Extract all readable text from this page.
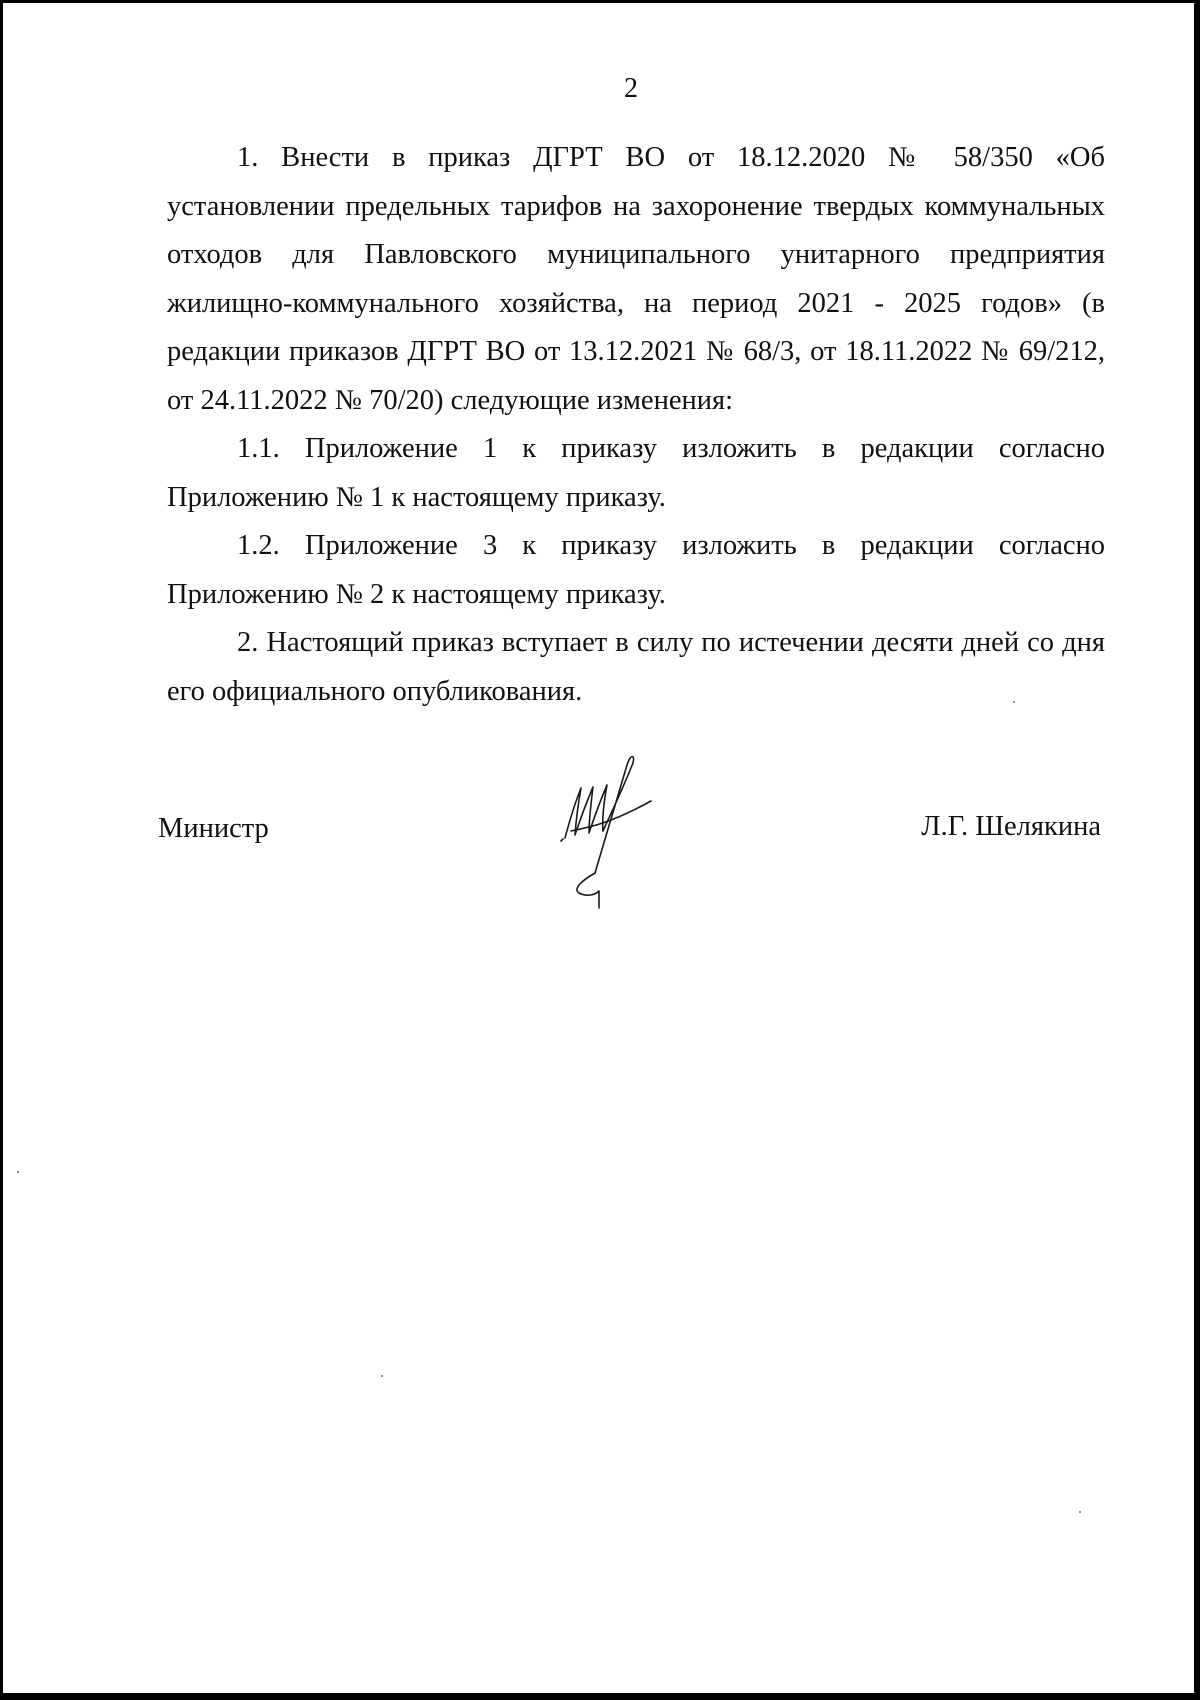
2

1. Внести в приказ ДГРТ ВО от 18.12.2020 № 58/350 «Об установлении предельных тарифов на захоронение твердых коммунальных отходов для Павловского муниципального унитарного предприятия жилищно-коммунального хозяйства, на период 2021 - 2025 годов» (в редакции приказов ДГРТ ВО от 13.12.2021 № 68/3, от 18.11.2022 № 69/212, от 24.11.2022 № 70/20) следующие изменения:

1.1. Приложение 1 к приказу изложить в редакции согласно Приложению № 1 к настоящему приказу.

1.2. Приложение 3 к приказу изложить в редакции согласно Приложению № 2 к настоящему приказу.

2. Настоящий приказ вступает в силу по истечении десяти дней со дня его официального опубликования.

Министр	Л.Г. Шелякина
